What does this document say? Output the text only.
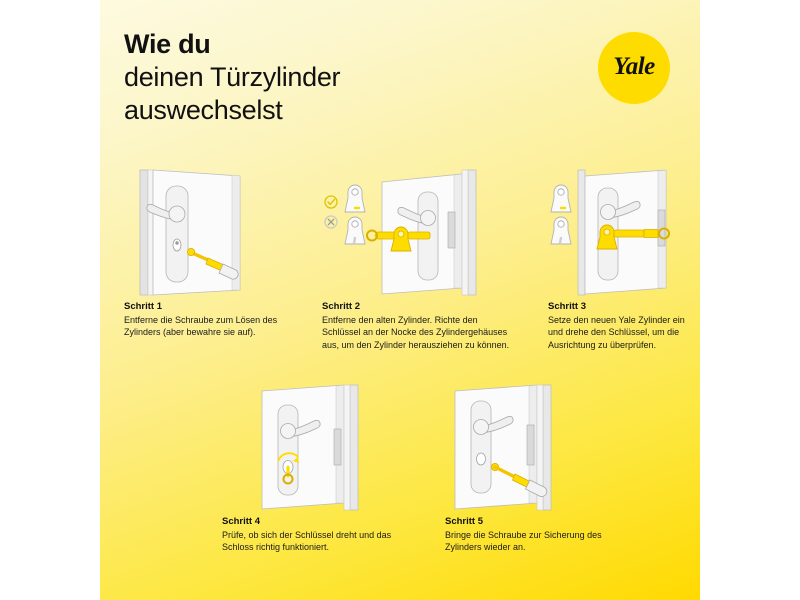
Wie du
deinen Türzylinder
auswechselst
Yale
Schritt 1
Entferne die Schraube zum Lösen des Zylinders (aber bewahre sie auf).
Schritt 2
Entferne den alten Zylinder. Richte den Schlüssel an der Nocke des Zylindergehäuses aus, um den Zylinder herausziehen zu können.
Schritt 3
Setze den neuen Yale Zylinder ein und drehe den Schlüssel, um die Ausrichtung zu überprüfen.
Schritt 4
Prüfe, ob sich der Schlüssel dreht und das Schloss richtig funktioniert.
Schritt 5
Bringe die Schraube zur Sicherung des Zylinders wieder an.
